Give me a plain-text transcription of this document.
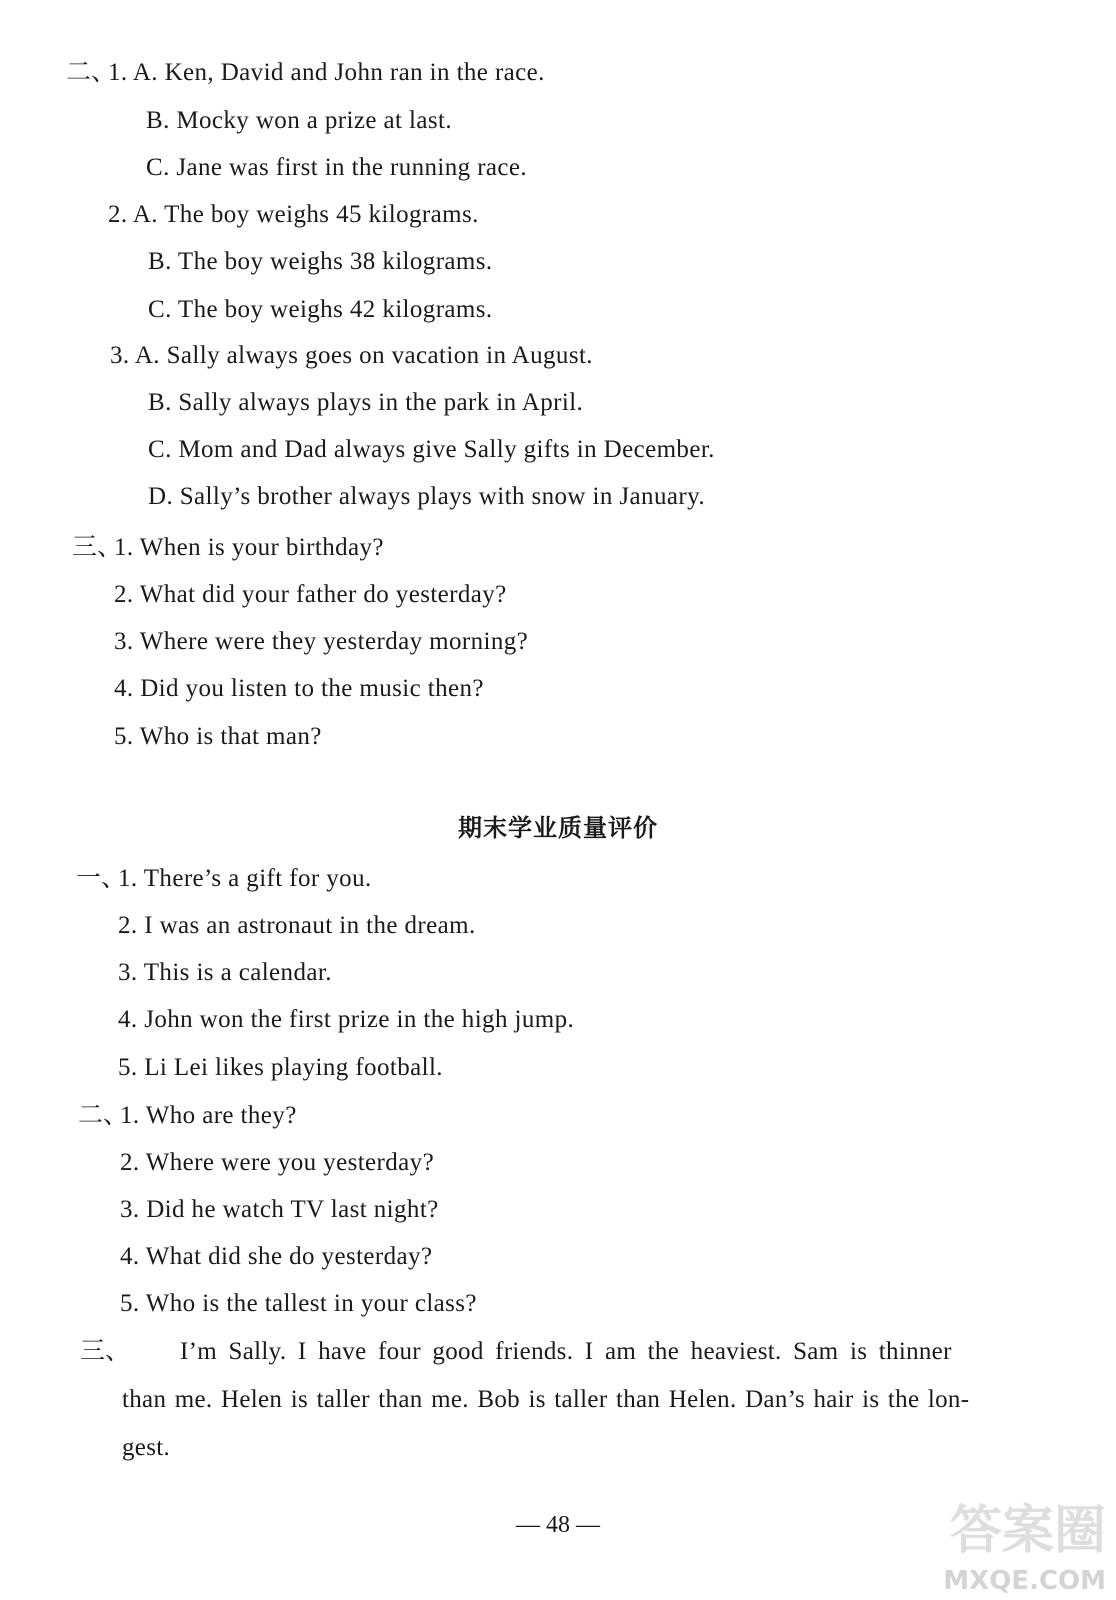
二、
1. A. Ken, David and John ran in the race.
B. Mocky won a prize at last.
C. Jane was first in the running race.
2. A. The boy weighs 45 kilograms.
B. The boy weighs 38 kilograms.
C. The boy weighs 42 kilograms.
3. A. Sally always goes on vacation in August.
B. Sally always plays in the park in April.
C. Mom and Dad always give Sally gifts in December.
D. Sally’s brother always plays with snow in January.
三、
1. When is your birthday?
2. What did your father do yesterday?
3. Where were they yesterday morning?
4. Did you listen to the music then?
5. Who is that man?
期末学业质量评价
一、
1. There’s a gift for you.
2. I was an astronaut in the dream.
3. This is a calendar.
4. John won the first prize in the high jump.
5. Li Lei likes playing football.
二、
1. Who are they?
2. Where were you yesterday?
3. Did he watch TV last night?
4. What did she do yesterday?
5. Who is the tallest in your class?
三、 I’m Sally. I have four good friends. I am the heaviest. Sam is thinner
than me. Helen is taller than me. Bob is taller than Helen. Dan’s hair is the lon-
gest.
— 48 —	答案圈
MXQE.COM
